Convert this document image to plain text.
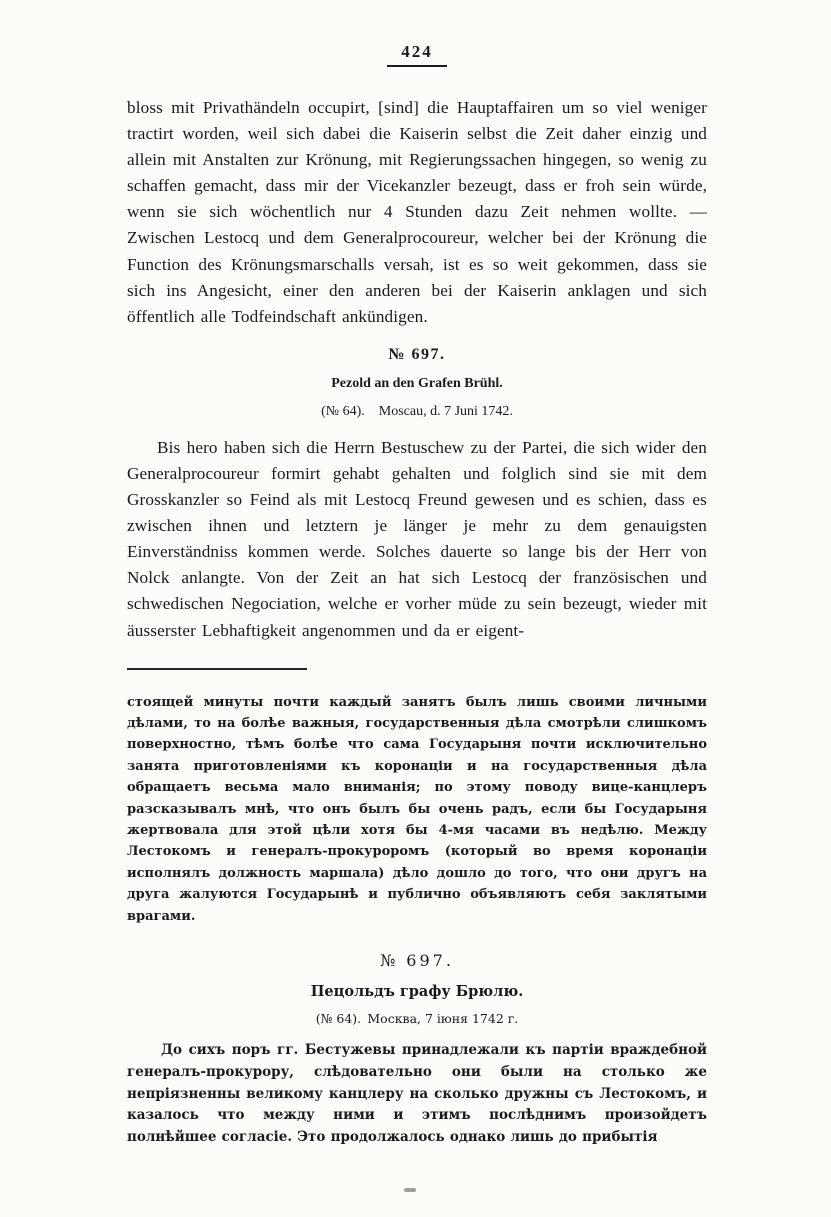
424

bloss mit Privathändeln occupirt, [sind] die Hauptaffairen um so viel weniger tractirt worden, weil sich dabei die Kaiserin selbst die Zeit daher einzig und allein mit Anstalten zur Krönung, mit Regierungssachen hingegen, so wenig zu schaffen gemacht, dass mir der Vicekanzler bezeugt, dass er froh sein würde, wenn sie sich wöchentlich nur 4 Stunden dazu Zeit nehmen wollte. — Zwischen Lestocq und dem Generalprocoureur, welcher bei der Krönung die Function des Krönungsmarschalls versah, ist es so weit gekommen, dass sie sich ins Angesicht, einer den anderen bei der Kaiserin anklagen und sich öffentlich alle Todfeindschaft ankündigen.

№ 697.
Pezold an den Grafen Brühl.
(№ 64). Moscau, d. 7 Juni 1742.

Bis hero haben sich die Herrn Bestuschew zu der Partei, die sich wider den Generalprocoureur formirt gehabt gehalten und folglich sind sie mit dem Grosskanzler so Feind als mit Lestocq Freund gewesen und es schien, dass es zwischen ihnen und letztern je länger je mehr zu dem genauigsten Einverständniss kommen werde. Solches dauerte so lange bis der Herr von Nolck anlangte. Von der Zeit an hat sich Lestocq der französischen und schwedischen Negociation, welche er vorher müde zu sein bezeugt, wieder mit äusserster Lebhaftigkeit angenommen und da er eigent-

стоящей минуты почти каждый занятъ былъ лишь своими личными дѣлами, то на болѣе важныя, государственныя дѣла смотрѣли слишкомъ поверхностно, тѣмъ болѣе что сама Государыня почти исключительно занята приготовленіями къ коронаціи и на государственныя дѣла обращаетъ весьма мало вниманія; по этому поводу вице-канцлеръ разсказывалъ мнѣ, что онъ былъ бы очень радъ, если бы Государыня жертвовала для этой цѣли хотя бы 4-мя часами въ недѣлю. Между Лестокомъ и генералъ-прокуроромъ (который во время коронаціи исполнялъ должность маршала) дѣло дошло до того, что они другъ на друга жалуются Государынѣ и публично объявляютъ себя заклятыми врагами.

№ 697.
Пецольдъ графу Брюлю.
(№ 64). Москва, 7 іюня 1742 г.

До сихъ поръ гг. Бестужевы принадлежали къ партіи враждебной генералъ-прокурору, слѣдовательно они были на столько же непріязненны великому канцлеру на сколько дружны съ Лестокомъ, и казалось что между ними и этимъ послѣднимъ произойдетъ полнѣйшее согласіе. Это продолжалось однако лишь до прибытія
